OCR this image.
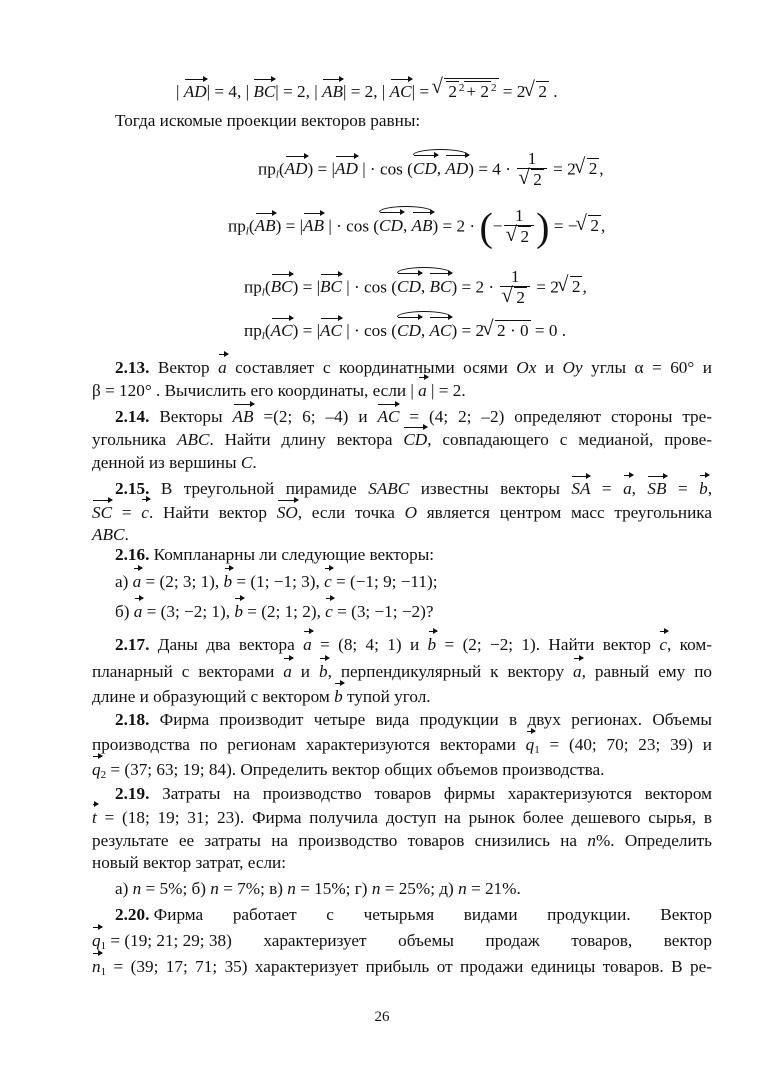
| AD| = 4, | BC| = 2, | AB| = 2, | AC| = √ 2 $^2$+ 2 $^2$ = 2 √ 2 .
Тогда искомые проекции векторов равны:
$пр_l(AD) = |AD$ | · cos (CD, AD) = 4 · 1
√ 2 = 2 √ 2 ,
$пр_l(AB) = |AB$ | · cos (CD, AB) = 2 · (− 1
√ 2 ) = − √ 2 ,
$пр_l(BC) = |BC$ | · cos (CD, BC) = 2 · 1
√ 2 = 2 √ 2 ,
$пр_l(AC) = |AC$ | · cos (CD, AC) = 2 √ 2 · 0 = 0 .
2.13. Вектор a составляет с координатными осями Ox и Oy углы α = 60° и
β = 120° . Вычислить его координаты, если | a | = 2.
2.14. Векторы AB =(2; 6; –4) и AC = (4; 2; –2) определяют стороны тре-
угольника ABC. Найти длину вектора CD, совпадающего с медианой, прове-
денной из вершины C.
2.15. В треугольной пирамиде SABC известны векторы SA = a, SB = b,
SC = c. Найти вектор SO, если точка O является центром масс треугольника
ABC.
2.16. Компланарны ли следующие векторы:
а) a = (2; 3; 1), b = (1; −1; 3), c = (−1; 9; −11);
б) a = (3; −2; 1), b = (2; 1; 2), c = (3; −1; −2)?
2.17. Даны два вектора a = (8; 4; 1) и b = (2; −2; 1). Найти вектор c, ком-
планарный с векторами a и b, перпендикулярный к вектору a, равный ему по
длине и образующий с вектором b тупой угол.
2.18. Фирма производит четыре вида продукции в двух регионах. Объемы
производства по регионам характеризуются векторами $q_1 = (40$; 70; 23; 39) и
$q_2 = (37$; 63; 19; 84). Определить вектор общих объемов производства.
2.19. Затраты на производство товаров фирмы характеризуются вектором
t = (18; 19; 31; 23). Фирма получила доступ на рынок более дешевого сырья, в
результате ее затраты на производство товаров снизились на n%. Определить
новый вектор затрат, если:
а) n = 5%; б) n = 7%; в) n = 15%; г) n = 25%; д) n = 21%.
2.20. Фирма работает с четырьмя видами продукции. Вектор
$q_1 = (19$; 21; 29; 38) характеризует объемы продаж товаров, вектор
$n_1 = (39$; 17; 71; 35) характеризует прибыль от продажи единицы товаров. В ре-
26
